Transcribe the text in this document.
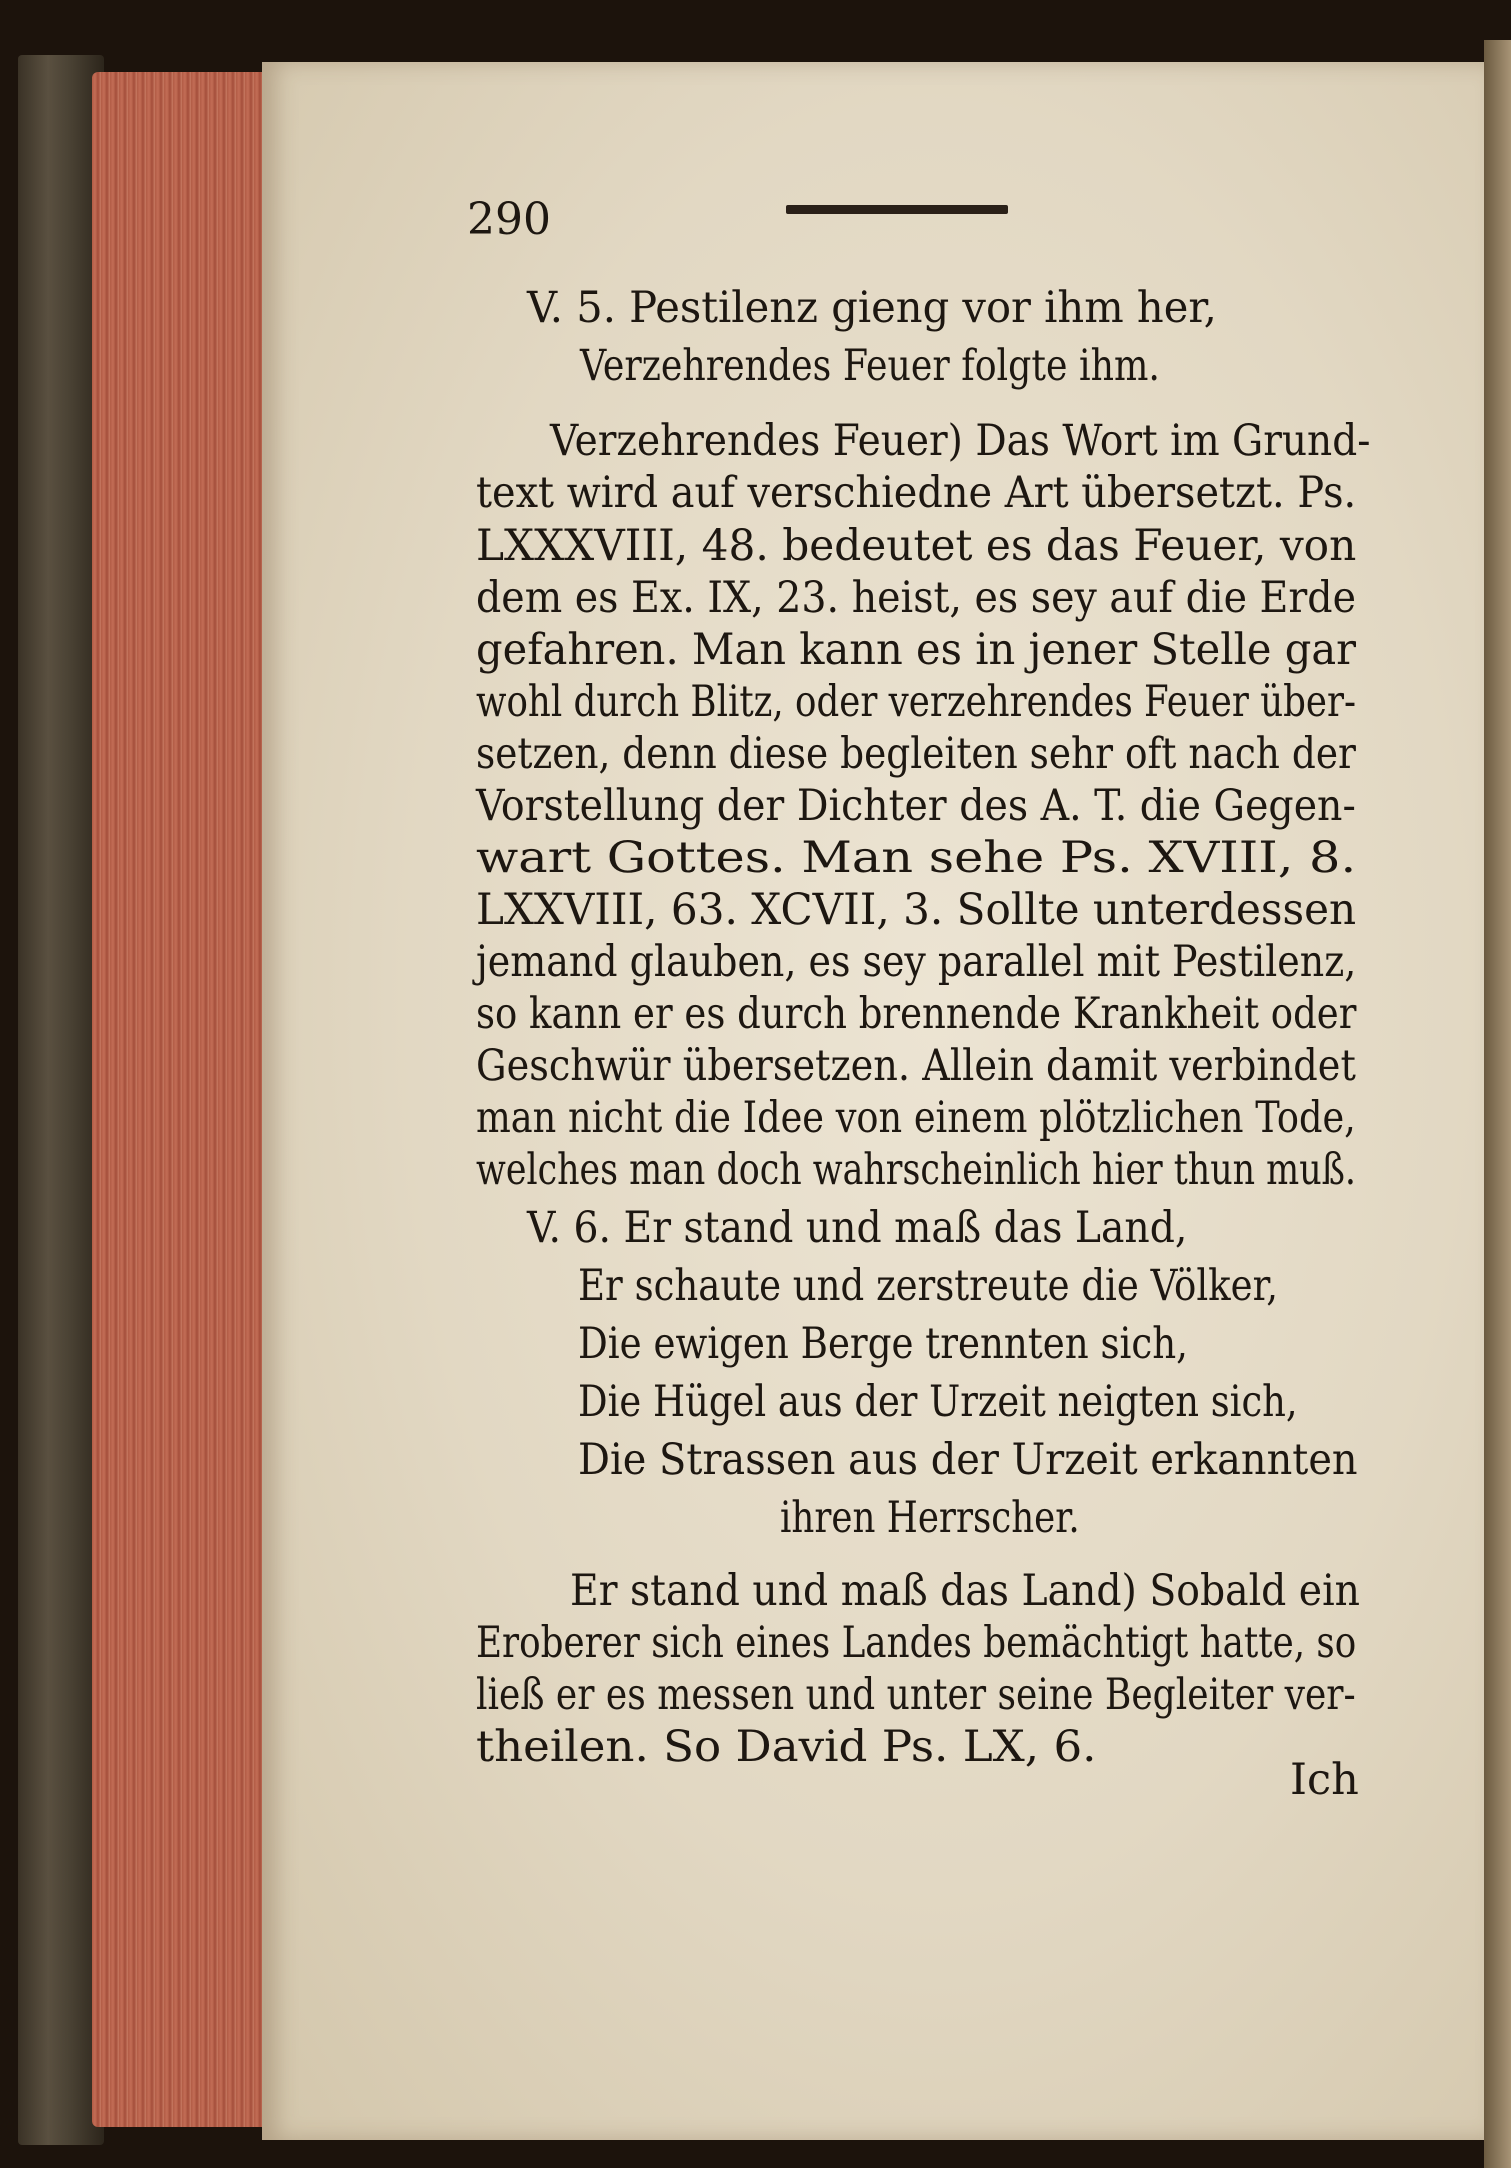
290
V. 5. Pestilenz gieng vor ihm her,
Verzehrendes Feuer folgte ihm.
Verzehrendes Feuer) Das Wort im Grund-
text wird auf verschiedne Art übersetzt. Ps.
LXXXVIII, 48. bedeutet es das Feuer, von
dem es Ex. IX, 23. heist, es sey auf die Erde
gefahren. Man kann es in jener Stelle gar
wohl durch Blitz, oder verzehrendes Feuer über-
setzen, denn diese begleiten sehr oft nach der
Vorstellung der Dichter des A. T. die Gegen-
wart Gottes. Man sehe Ps. XVIII, 8.
LXXVIII, 63. XCVII, 3. Sollte unterdessen
jemand glauben, es sey parallel mit Pestilenz,
so kann er es durch brennende Krankheit oder
Geschwür übersetzen. Allein damit verbindet
man nicht die Idee von einem plötzlichen Tode,
welches man doch wahrscheinlich hier thun muß.
V. 6. Er stand und maß das Land,
Er schaute und zerstreute die Völker,
Die ewigen Berge trennten sich,
Die Hügel aus der Urzeit neigten sich,
Die Strassen aus der Urzeit erkannten
ihren Herrscher.
Er stand und maß das Land) Sobald ein
Eroberer sich eines Landes bemächtigt hatte, so
ließ er es messen und unter seine Begleiter ver-
theilen. So David Ps. LX, 6.
Ich
